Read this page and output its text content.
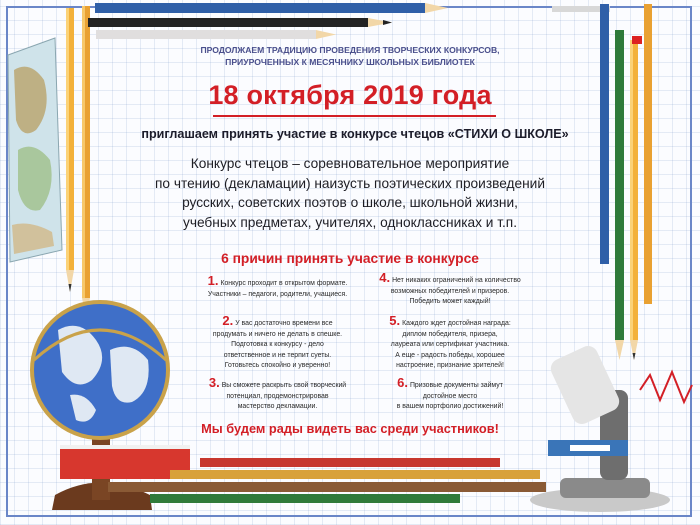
ПРОДОЛЖАЕМ ТРАДИЦИЮ ПРОВЕДЕНИЯ ТВОРЧЕСКИХ КОНКУРСОВ,
ПРИУРОЧЕННЫХ К МЕСЯЧНИКУ ШКОЛЬНЫХ БИБЛИОТЕК
18 октября 2019 года
приглашаем принять участие в конкурсе чтецов «СТИХИ О ШКОЛЕ»
Конкурс чтецов – соревновательное мероприятие
по чтению (декламации) наизусть поэтических произведений
русских, советских поэтов о школе, школьной жизни,
учебных предметах, учителях, одноклассниках и т.п.
6 причин принять участие в конкурсе
1. Конкурс проходит в открытом формате.
Участники – педагоги, родители, учащиеся.
2. У вас достаточно времени все
продумать и ничего не делать в спешке.
Подготовка к конкурсу - дело
ответственное и не терпит суеты.
Готовьтесь спокойно и уверенно!
3. Вы сможете раскрыть свой творческий
потенциал, продемонстрировав
мастерство декламации.
4. Нет никаких ограничений на количество
возможных победителей и призеров.
Победить может каждый!
5. Каждого ждет достойная награда:
диплом победителя, призера,
лауреата или сертификат участника.
А еще - радость победы, хорошее
настроение, признание зрителей!
6. Призовые документы займут
достойное место
в вашем портфолио достижений!
Мы будем рады видеть вас среди участников!
